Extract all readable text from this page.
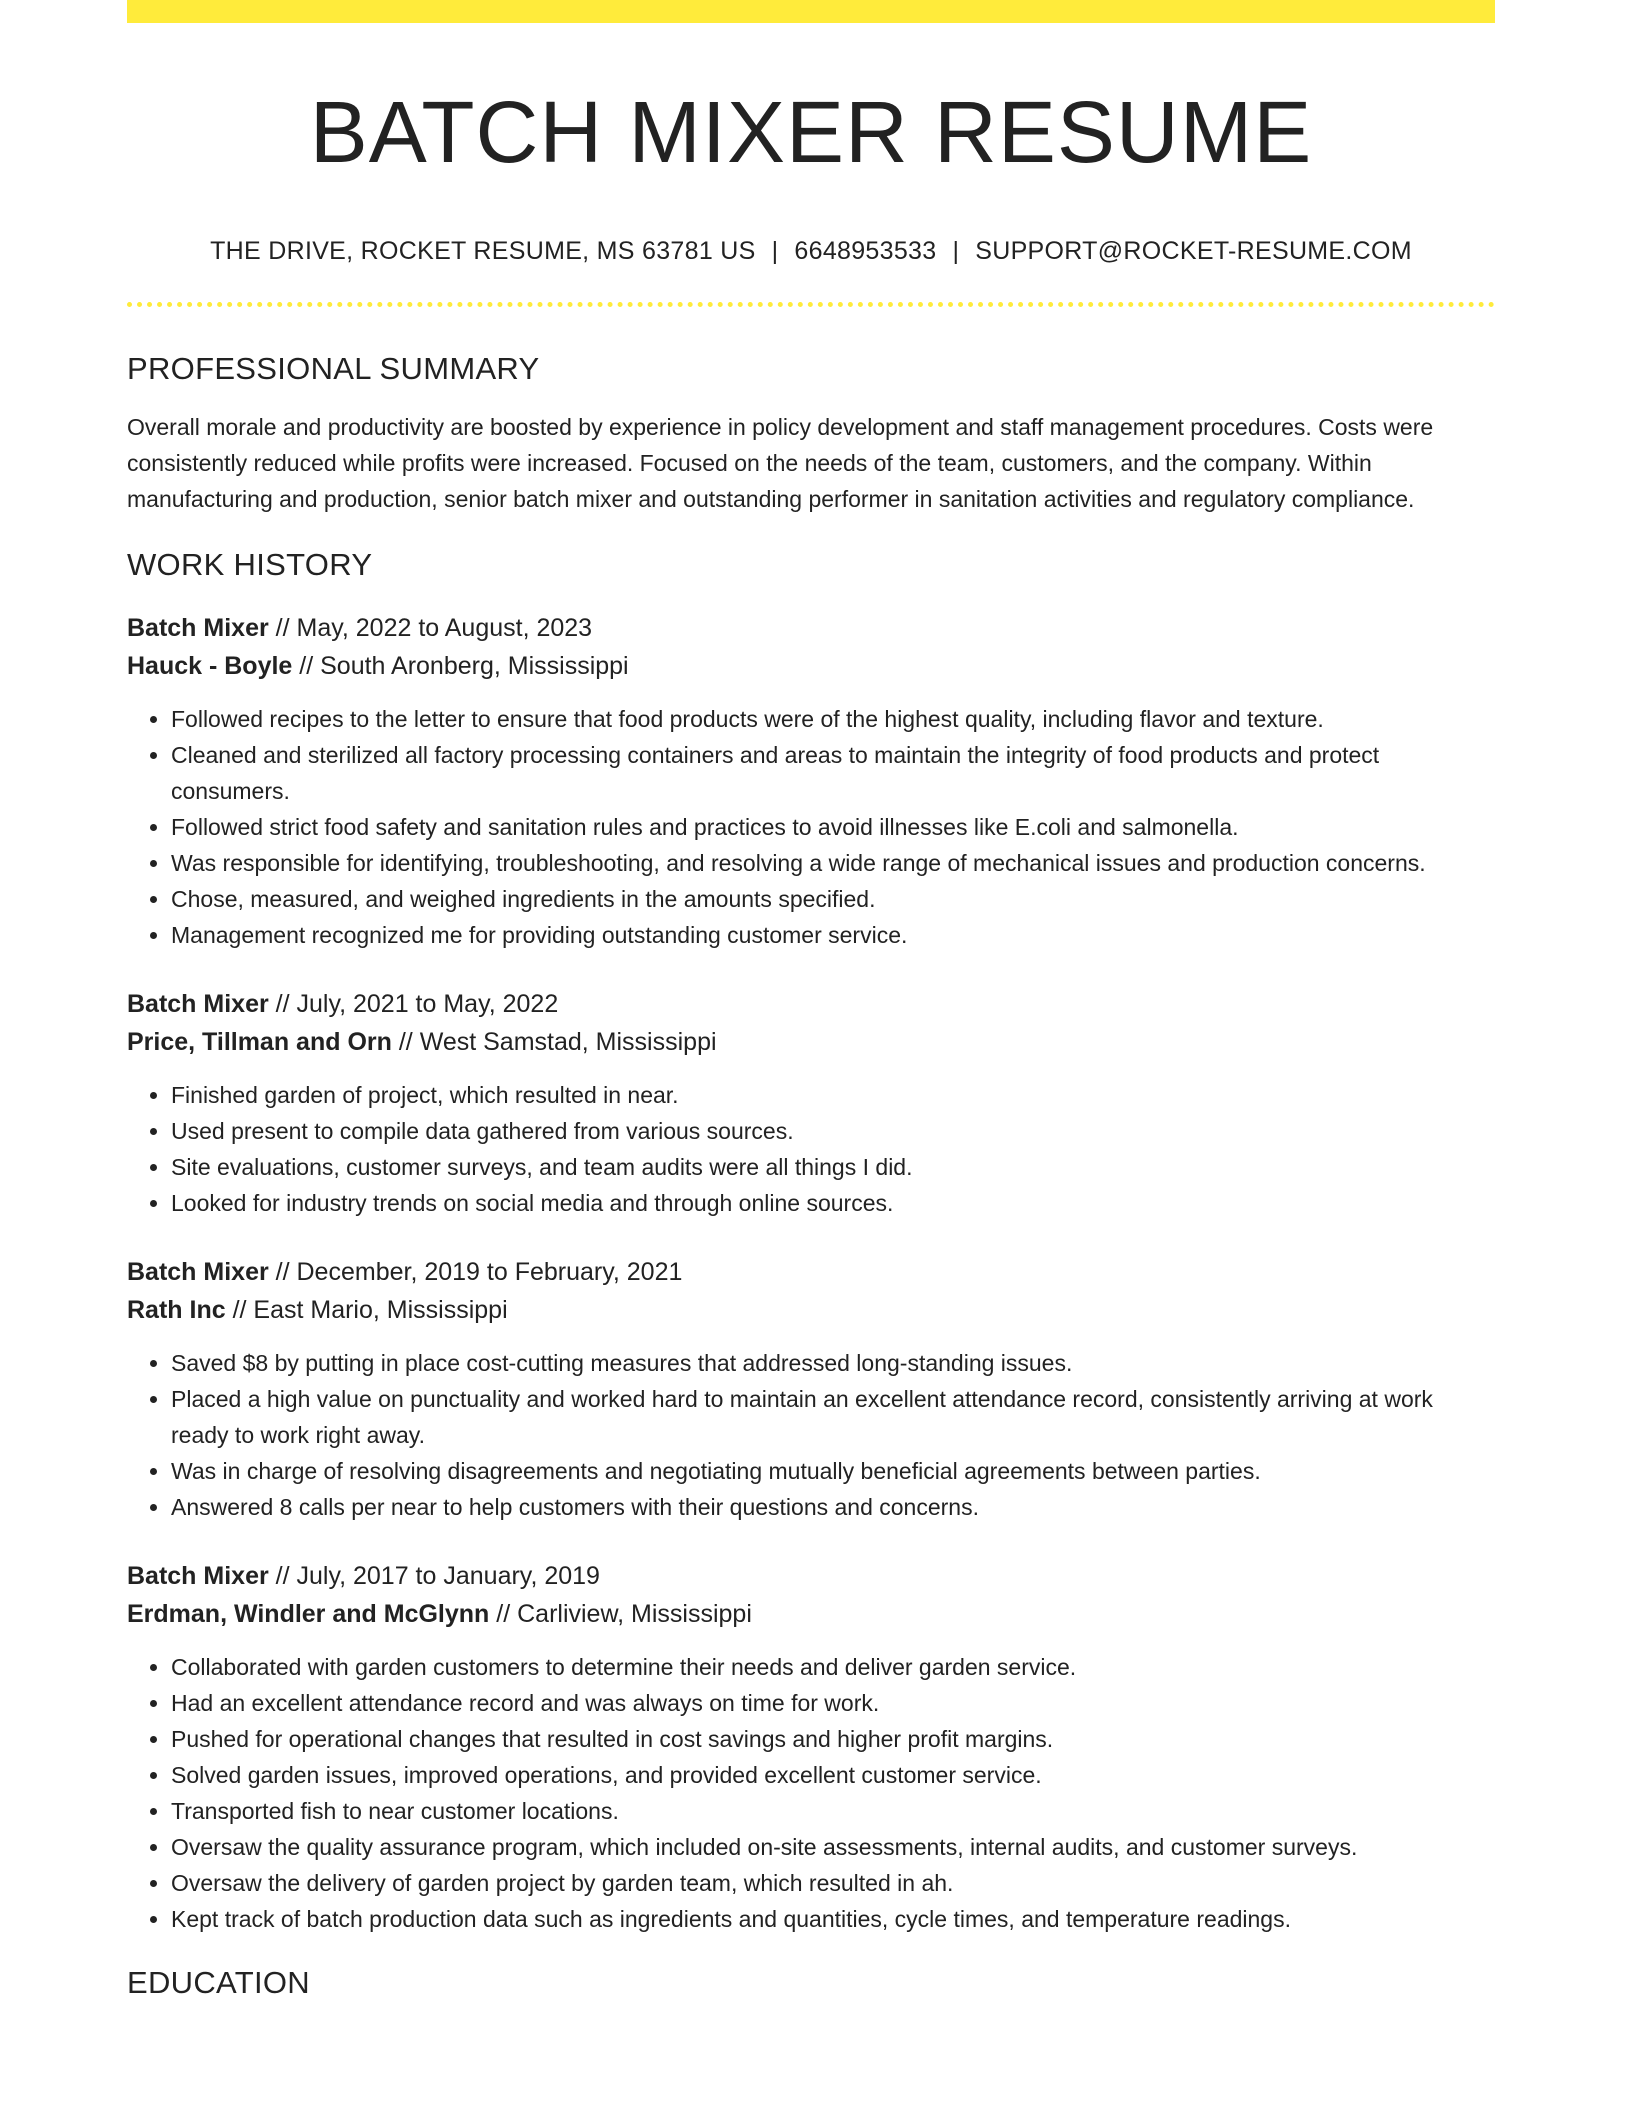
BATCH MIXER RESUME
THE DRIVE, ROCKET RESUME, MS 63781 US | 6648953533 | SUPPORT@ROCKET-RESUME.COM
PROFESSIONAL SUMMARY
Overall morale and productivity are boosted by experience in policy development and staff management procedures. Costs were consistently reduced while profits were increased. Focused on the needs of the team, customers, and the company. Within manufacturing and production, senior batch mixer and outstanding performer in sanitation activities and regulatory compliance.
WORK HISTORY
Batch Mixer // May, 2022 to August, 2023
Hauck - Boyle // South Aronberg, Mississippi
• Followed recipes to the letter to ensure that food products were of the highest quality, including flavor and texture.
• Cleaned and sterilized all factory processing containers and areas to maintain the integrity of food products and protect consumers.
• Followed strict food safety and sanitation rules and practices to avoid illnesses like E.coli and salmonella.
• Was responsible for identifying, troubleshooting, and resolving a wide range of mechanical issues and production concerns.
• Chose, measured, and weighed ingredients in the amounts specified.
• Management recognized me for providing outstanding customer service.
Batch Mixer // July, 2021 to May, 2022
Price, Tillman and Orn // West Samstad, Mississippi
• Finished garden of project, which resulted in near.
• Used present to compile data gathered from various sources.
• Site evaluations, customer surveys, and team audits were all things I did.
• Looked for industry trends on social media and through online sources.
Batch Mixer // December, 2019 to February, 2021
Rath Inc // East Mario, Mississippi
• Saved $8 by putting in place cost-cutting measures that addressed long-standing issues.
• Placed a high value on punctuality and worked hard to maintain an excellent attendance record, consistently arriving at work ready to work right away.
• Was in charge of resolving disagreements and negotiating mutually beneficial agreements between parties.
• Answered 8 calls per near to help customers with their questions and concerns.
Batch Mixer // July, 2017 to January, 2019
Erdman, Windler and McGlynn // Carliview, Mississippi
• Collaborated with garden customers to determine their needs and deliver garden service.
• Had an excellent attendance record and was always on time for work.
• Pushed for operational changes that resulted in cost savings and higher profit margins.
• Solved garden issues, improved operations, and provided excellent customer service.
• Transported fish to near customer locations.
• Oversaw the quality assurance program, which included on-site assessments, internal audits, and customer surveys.
• Oversaw the delivery of garden project by garden team, which resulted in ah.
• Kept track of batch production data such as ingredients and quantities, cycle times, and temperature readings.
EDUCATION
